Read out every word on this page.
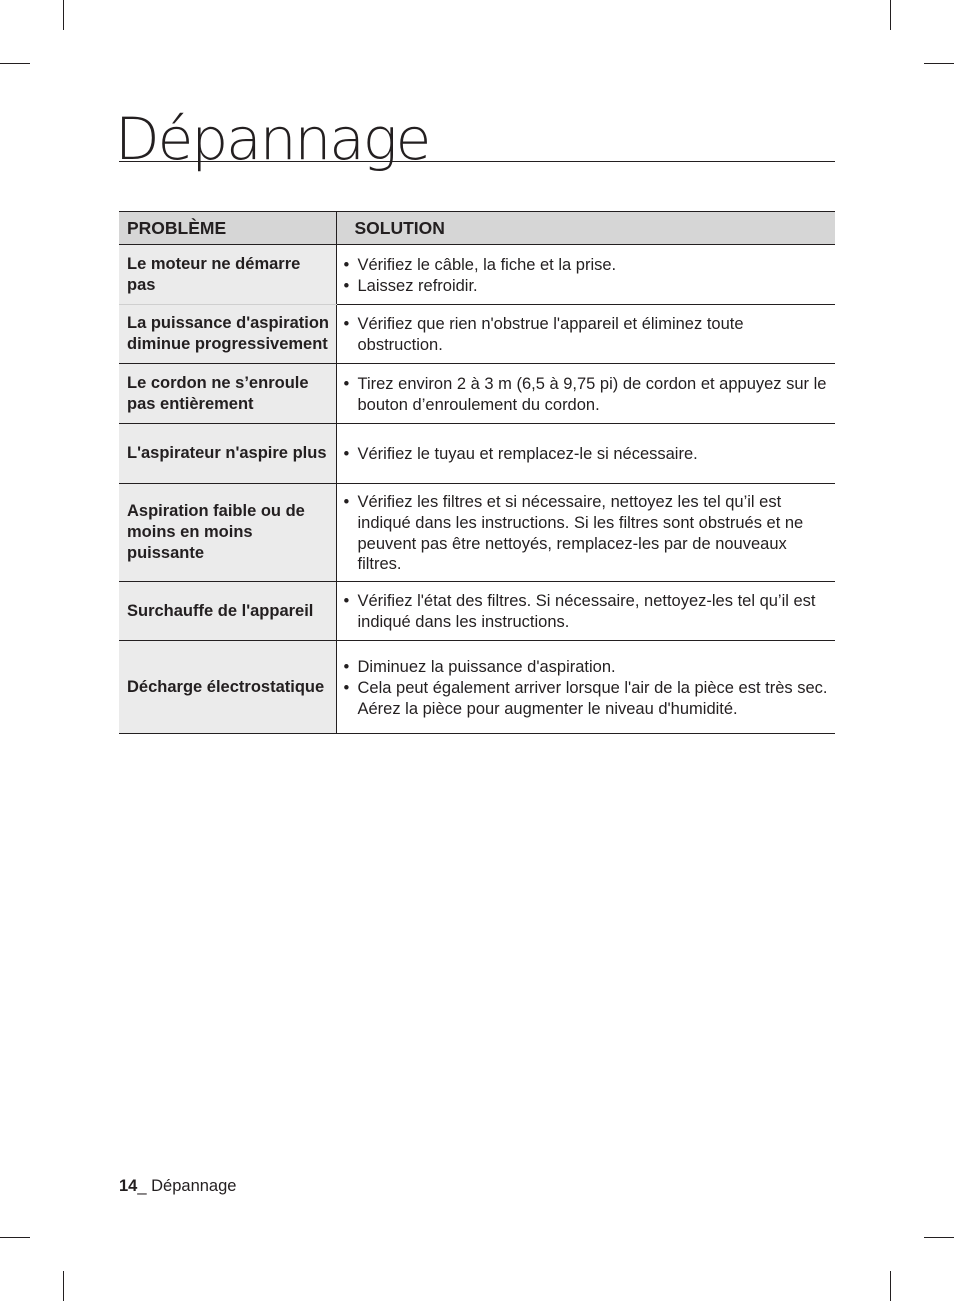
Dépannage
PROBLÈME	SOLUTION
Le moteur ne démarre pas	• Vérifiez le câble, la fiche et la prise.
• Laissez refroidir.

La puissance d'aspiration diminue progressivement	• Vérifiez que rien n'obstrue l'appareil et éliminez toute obstruction.

Le cordon ne s’enroule pas entièrement	• Tirez environ 2 à 3 m (6,5 à 9,75 pi) de cordon et appuyez sur le bouton d’enroulement du cordon.

L'aspirateur n'aspire plus	• Vérifiez le tuyau et remplacez-le si nécessaire.

Aspiration faible ou de moins en moins puissante	• Vérifiez les filtres et si nécessaire, nettoyez les tel qu’il est indiqué dans les instructions. Si les filtres sont obstrués et ne peuvent pas être nettoyés, remplacez-les par de nouveaux filtres.

Surchauffe de l'appareil	• Vérifiez l'état des filtres. Si nécessaire, nettoyez-les tel qu’il est indiqué dans les instructions.

Décharge électrostatique	• Diminuez la puissance d'aspiration.
• Cela peut également arriver lorsque l'air de la pièce est très sec.
Aérez la pièce pour augmenter le niveau d'humidité.
14_ Dépannage
